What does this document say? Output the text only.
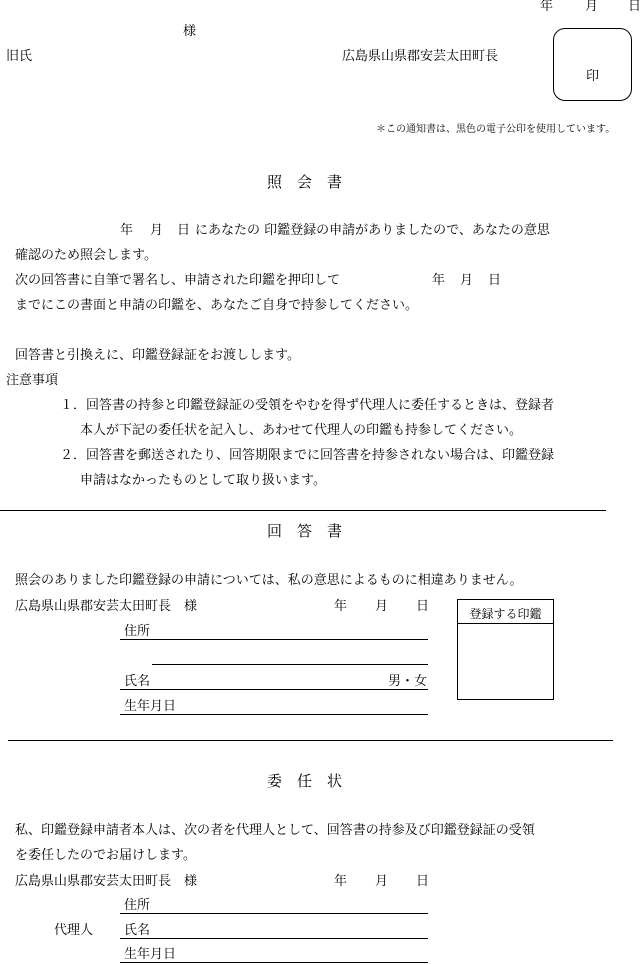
年 月 日
様
旧氏	広島県山県郡安芸太田町長
印
＊この通知書は、黒色の電子公印を使用しています。
照　会　書
年 月 日 にあなたの 印鑑登録の申請がありましたので、あなたの意思
確認のため照会します。
次の回答書に自筆で署名し、申請された印鑑を押印して	年 月 日
までにこの書面と申請の印鑑を、あなたご自身で持参してください。
回答書と引換えに、印鑑登録証をお渡しします。
注意事項
１．回答書の持参と印鑑登録証の受領をやむを得ず代理人に委任するときは、登録者
本人が下記の委任状を記入し、あわせて代理人の印鑑も持参してください。
２．回答書を郵送されたり、回答期限までに回答書を持参されない場合は、印鑑登録
申請はなかったものとして取り扱います。
回　答　書
照会のありました印鑑登録の申請については、私の意思によるものに相違ありません。
広島県山県郡安芸太田町長　様	年 月 日
住所
氏名	男・女
生年月日
登録する印鑑
委　任　状
私、印鑑登録申請者本人は、次の者を代理人として、回答書の持参及び印鑑登録証の受領
を委任したのでお届けします。
広島県山県郡安芸太田町長　様	年 月 日
住所
代理人 氏名
生年月日
